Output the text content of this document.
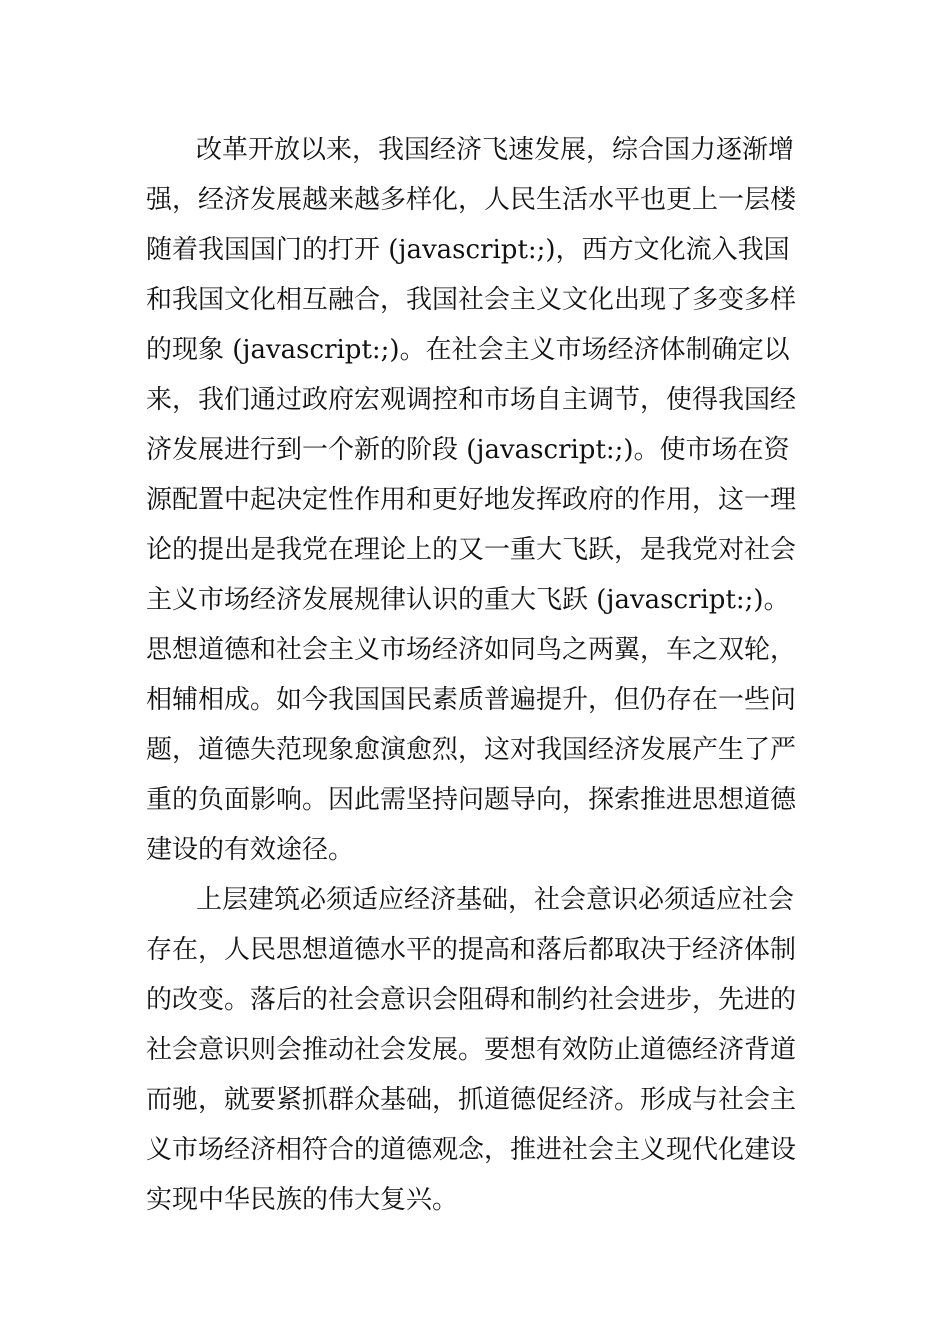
改革开放以来，我国经济飞速发展，综合国力逐渐增
强，经济发展越来越多样化，人民生活水平也更上一层楼
随着我国国门的打开 (javascript:;)，西方文化流入我国
和我国文化相互融合，我国社会主义文化出现了多变多样
的现象 (javascript:;)。在社会主义市场经济体制确定以
来，我们通过政府宏观调控和市场自主调节，使得我国经
济发展进行到一个新的阶段 (javascript:;)。使市场在资
源配置中起决定性作用和更好地发挥政府的作用，这一理
论的提出是我党在理论上的又一重大飞跃，是我党对社会
主义市场经济发展规律认识的重大飞跃 (javascript:;)。
思想道德和社会主义市场经济如同鸟之两翼，车之双轮，
相辅相成。如今我国国民素质普遍提升，但仍存在一些问
题，道德失范现象愈演愈烈，这对我国经济发展产生了严
重的负面影响。因此需坚持问题导向，探索推进思想道德
建设的有效途径。
上层建筑必须适应经济基础，社会意识必须适应社会
存在，人民思想道德水平的提高和落后都取决于经济体制
的改变。落后的社会意识会阻碍和制约社会进步，先进的
社会意识则会推动社会发展。要想有效防止道德经济背道
而驰，就要紧抓群众基础，抓道德促经济。形成与社会主
义市场经济相符合的道德观念，推进社会主义现代化建设
实现中华民族的伟大复兴。
